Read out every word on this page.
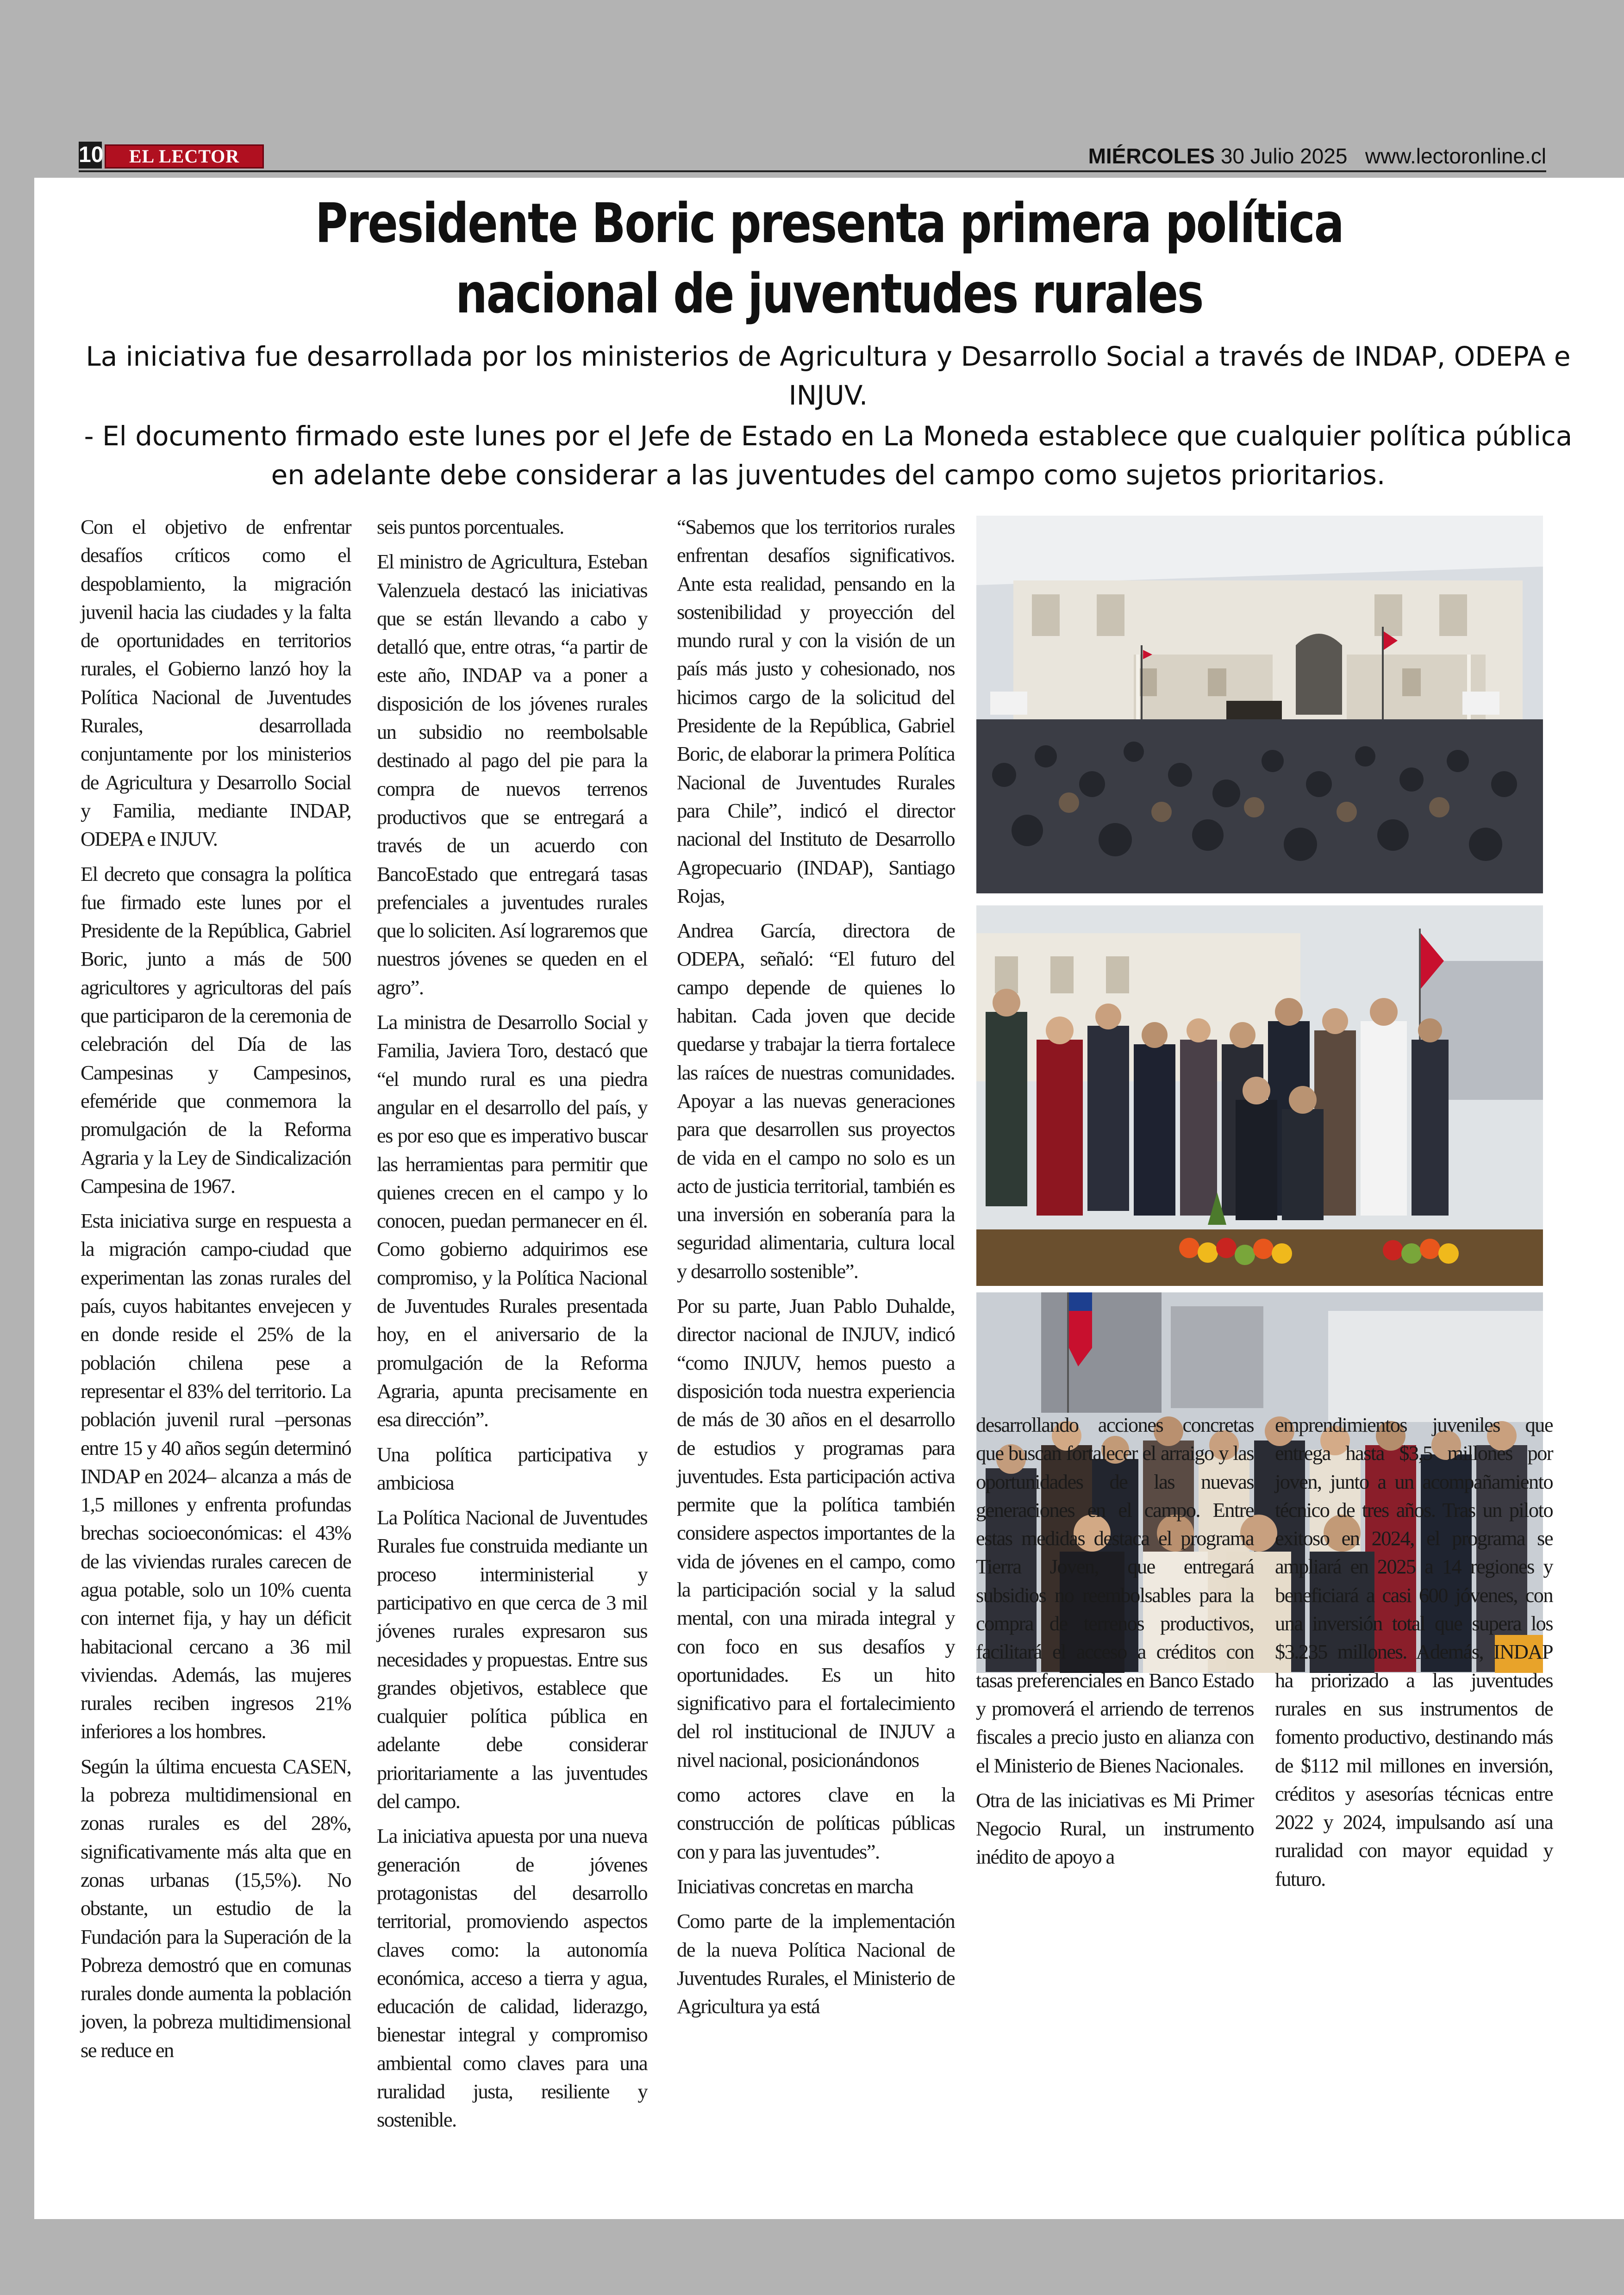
10	EL LECTOR	MIÉRCOLES 30 Julio 2025 www.lectoronline.cl
Presidente Boric presenta primera política
nacional de juventudes rurales
La iniciativa fue desarrollada por los ministerios de Agricultura y Desarrollo Social a través de INDAP, ODEPA e INJUV.
- El documento firmado este lunes por el Jefe de Estado en La Moneda establece que cualquier política pública en adelante debe considerar a las juventudes del campo como sujetos prioritarios.

Con el objetivo de enfrentar desafíos críticos como el despoblamiento, la migración juvenil hacia las ciudades y la falta de oportunidades en territorios rurales, el Gobierno lanzó hoy la Política Nacional de Juventudes Rurales, desarrollada conjuntamente por los ministerios de Agricultura y Desarrollo Social y Familia, mediante INDAP, ODEPA e INJUV.

El decreto que consagra la política fue firmado este lunes por el Presidente de la República, Gabriel Boric, junto a más de 500 agricultores y agricultoras del país que participaron de la ceremonia de celebración del Día de las Campesinas y Campesinos, efeméride que conmemora la promulgación de la Reforma Agraria y la Ley de Sindicalización Campesina de 1967.

Esta iniciativa surge en respuesta a la migración campo-ciudad que experimentan las zonas rurales del país, cuyos habitantes envejecen y en donde reside el 25% de la población chilena pese a representar el 83% del territorio. La población juvenil rural –personas entre 15 y 40 años según determinó INDAP en 2024– alcanza a más de 1,5 millones y enfrenta profundas brechas socioeconómicas: el 43% de las viviendas rurales carecen de agua potable, solo un 10% cuenta con internet fija, y hay un déficit habitacional cercano a 36 mil viviendas. Además, las mujeres rurales reciben ingresos 21% inferiores a los hombres.

Según la última encuesta CASEN, la pobreza multidimensional en zonas rurales es del 28%, significativamente más alta que en zonas urbanas (15,5%). No obstante, un estudio de la Fundación para la Superación de la Pobreza demostró que en comunas rurales donde aumenta la población joven, la pobreza multidimensional se reduce en

seis puntos porcentuales.

El ministro de Agricultura, Esteban Valenzuela destacó las iniciativas que se están llevando a cabo y detalló que, entre otras, “a partir de este año, INDAP va a poner a disposición de los jóvenes rurales un subsidio no reembolsable destinado al pago del pie para la compra de nuevos terrenos productivos que se entregará a través de un acuerdo con BancoEstado que entregará tasas prefenciales a juventudes rurales que lo soliciten. Así lograremos que nuestros jóvenes se queden en el agro”.

La ministra de Desarrollo Social y Familia, Javiera Toro, destacó que “el mundo rural es una piedra angular en el desarrollo del país, y es por eso que es imperativo buscar las herramientas para permitir que quienes crecen en el campo y lo conocen, puedan permanecer en él. Como gobierno adquirimos ese compromiso, y la Política Nacional de Juventudes Rurales presentada hoy, en el aniversario de la promulgación de la Reforma Agraria, apunta precisamente en esa dirección”.

Una política participativa y ambiciosa

La Política Nacional de Juventudes Rurales fue construida mediante un proceso interministerial y participativo en que cerca de 3 mil jóvenes rurales expresaron sus necesidades y propuestas. Entre sus grandes objetivos, establece que cualquier política pública en adelante debe considerar prioritariamente a las juventudes del campo.

La iniciativa apuesta por una nueva generación de jóvenes protagonistas del desarrollo territorial, promoviendo aspectos claves como: la autonomía económica, acceso a tierra y agua, educación de calidad, liderazgo, bienestar integral y compromiso ambiental como claves para una ruralidad justa, resiliente y sostenible.

“Sabemos que los territorios rurales enfrentan desafíos significativos. Ante esta realidad, pensando en la sostenibilidad y proyección del mundo rural y con la visión de un país más justo y cohesionado, nos hicimos cargo de la solicitud del Presidente de la República, Gabriel Boric, de elaborar la primera Política Nacional de Juventudes Rurales para Chile”, indicó el director nacional del Instituto de Desarrollo Agropecuario (INDAP), Santiago Rojas,

Andrea García, directora de ODEPA, señaló: “El futuro del campo depende de quienes lo habitan. Cada joven que decide quedarse y trabajar la tierra fortalece las raíces de nuestras comunidades. Apoyar a las nuevas generaciones para que desarrollen sus proyectos de vida en el campo no solo es un acto de justicia territorial, también es una inversión en soberanía para la seguridad alimentaria, cultura local y desarrollo sostenible”.

Por su parte, Juan Pablo Duhalde, director nacional de INJUV, indicó “como INJUV, hemos puesto a disposición toda nuestra experiencia de más de 30 años en el desarrollo de estudios y programas para juventudes. Esta participación activa permite que la política también considere aspectos importantes de la vida de jóvenes en el campo, como la participación social y la salud mental, con una mirada integral y con foco en sus desafíos y oportunidades. Es un hito significativo para el fortalecimiento del rol institucional de INJUV a nivel nacional, posicionándonos

como actores clave en la construcción de políticas públicas con y para las juventudes”.

Iniciativas concretas en marcha

Como parte de la implementación de la nueva Política Nacional de Juventudes Rurales, el Ministerio de Agricultura ya está

desarrollando acciones concretas que buscan fortalecer el arraigo y las oportunidades de las nuevas generaciones en el campo. Entre estas medidas destaca el programa Tierra Joven, que entregará subsidios no reembolsables para la compra de terrenos productivos, facilitará el acceso a créditos con tasas preferenciales en Banco Estado y promoverá el arriendo de terrenos fiscales a precio justo en alianza con el Ministerio de Bienes Nacionales.

Otra de las iniciativas es Mi Primer Negocio Rural, un instrumento inédito de apoyo a

emprendimientos juveniles que entrega hasta $3,5 millones por joven, junto a un acompañamiento técnico de tres años. Tras un piloto exitoso en 2024, el programa se ampliará en 2025 a 14 regiones y beneficiará a casi 600 jóvenes, con una inversión total que supera los $3.235 millones. Además, INDAP ha priorizado a las juventudes rurales en sus instrumentos de fomento productivo, destinando más de $112 mil millones en inversión, créditos y asesorías técnicas entre 2022 y 2024, impulsando así una ruralidad con mayor equidad y futuro.
